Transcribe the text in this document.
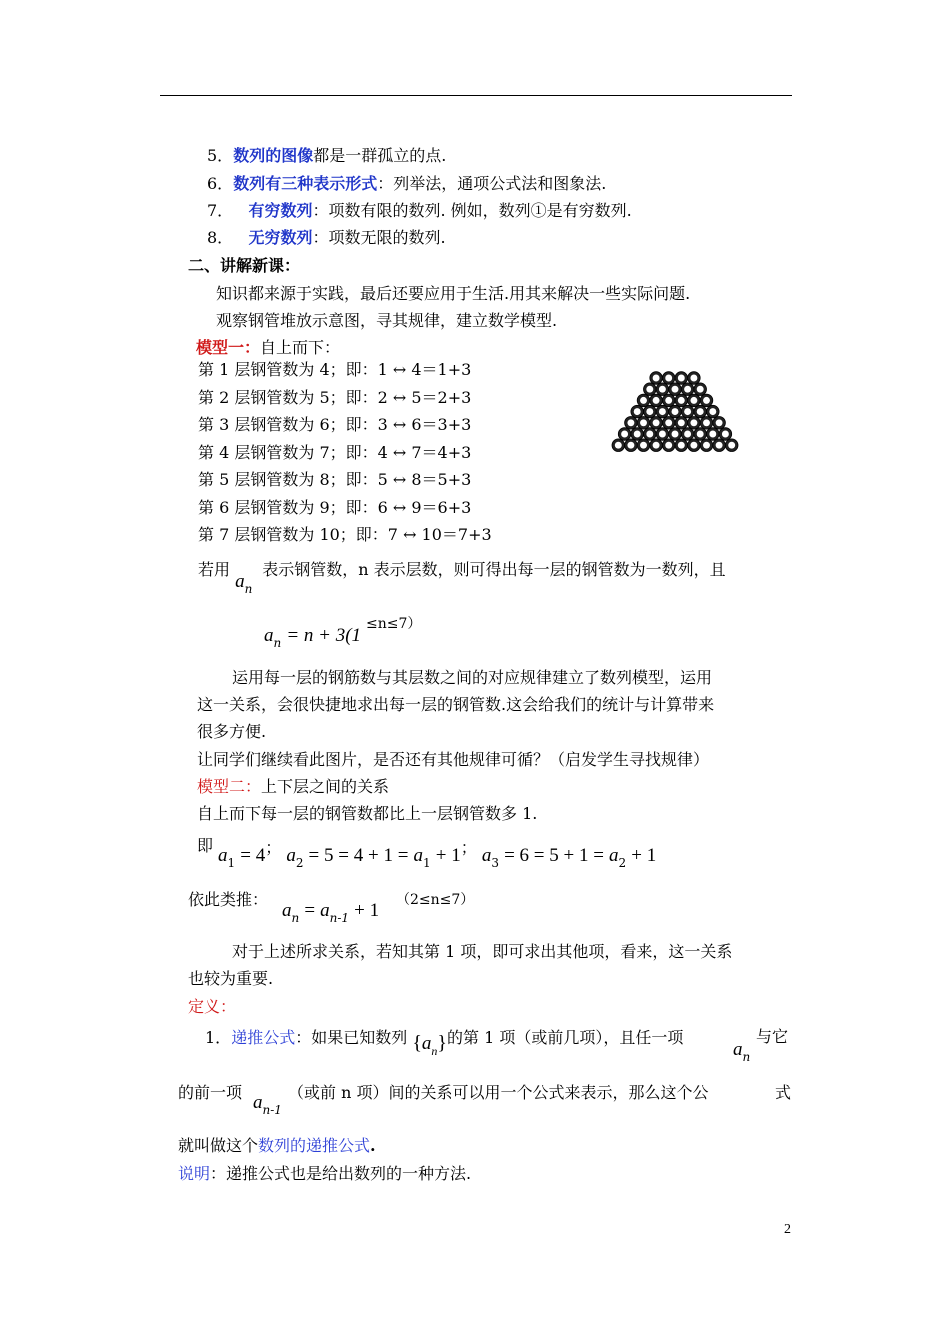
5．数列的图像都是一群孤立的点.
6．数列有三种表示形式：列举法，通项公式法和图象法.
7． 有穷数列：项数有限的数列. 例如，数列①是有穷数列.
8． 无穷数列：项数无限的数列.
二、讲解新课：
知识都来源于实践，最后还要应用于生活.用其来解决一些实际问题.
观察钢管堆放示意图，寻其规律，建立数学模型.
模型一：自上而下：
第 1 层钢管数为 4；即：1 ↔ 4＝1+3
第 2 层钢管数为 5；即：2 ↔ 5＝2+3
第 3 层钢管数为 6；即：3 ↔ 6＝3+3
第 4 层钢管数为 7；即：4 ↔ 7＝4+3
第 5 层钢管数为 8；即：5 ↔ 8＝5+3
第 6 层钢管数为 9；即：6 ↔ 9＝6+3
第 7 层钢管数为 10；即：7 ↔ 10＝7+3
若用 $a_n$ 表示钢管数，n 表示层数，则可得出每一层的钢管数为一数列，且
$a_n = n + 3(1$
≤n≤7）
运用每一层的钢筋数与其层数之间的对应规律建立了数列模型，运用
这一关系，会很快捷地求出每一层的钢管数.这会给我们的统计与计算带来
很多方便.
让同学们继续看此图片，是否还有其他规律可循？（启发学生寻找规律）
模型二：上下层之间的关系
自上而下每一层的钢管数都比上一层钢管数多 1.
即 $a_1 = 4$； $a_2 = 5 = 4 + 1 = a_1 + 1$； $a_3 = 6 = 5 + 1 = a_2 + 1$
依此类推：
$a_n = a_{n-1} + 1$ （2≤n≤7）
对于上述所求关系，若知其第 1 项，即可求出其他项，看来，这一关系
也较为重要.
定义：
1．递推公式：如果已知数列 $\{a_n\}$的第 1 项（或前几项），且任一项
$a_n$
与它
的前一项 $a_{n-1}$
（或前 n 项）间的关系可以用一个公式来表示，那么这个公	式
就叫做这个数列的递推公式.
说明：递推公式也是给出数列的一种方法.
2
